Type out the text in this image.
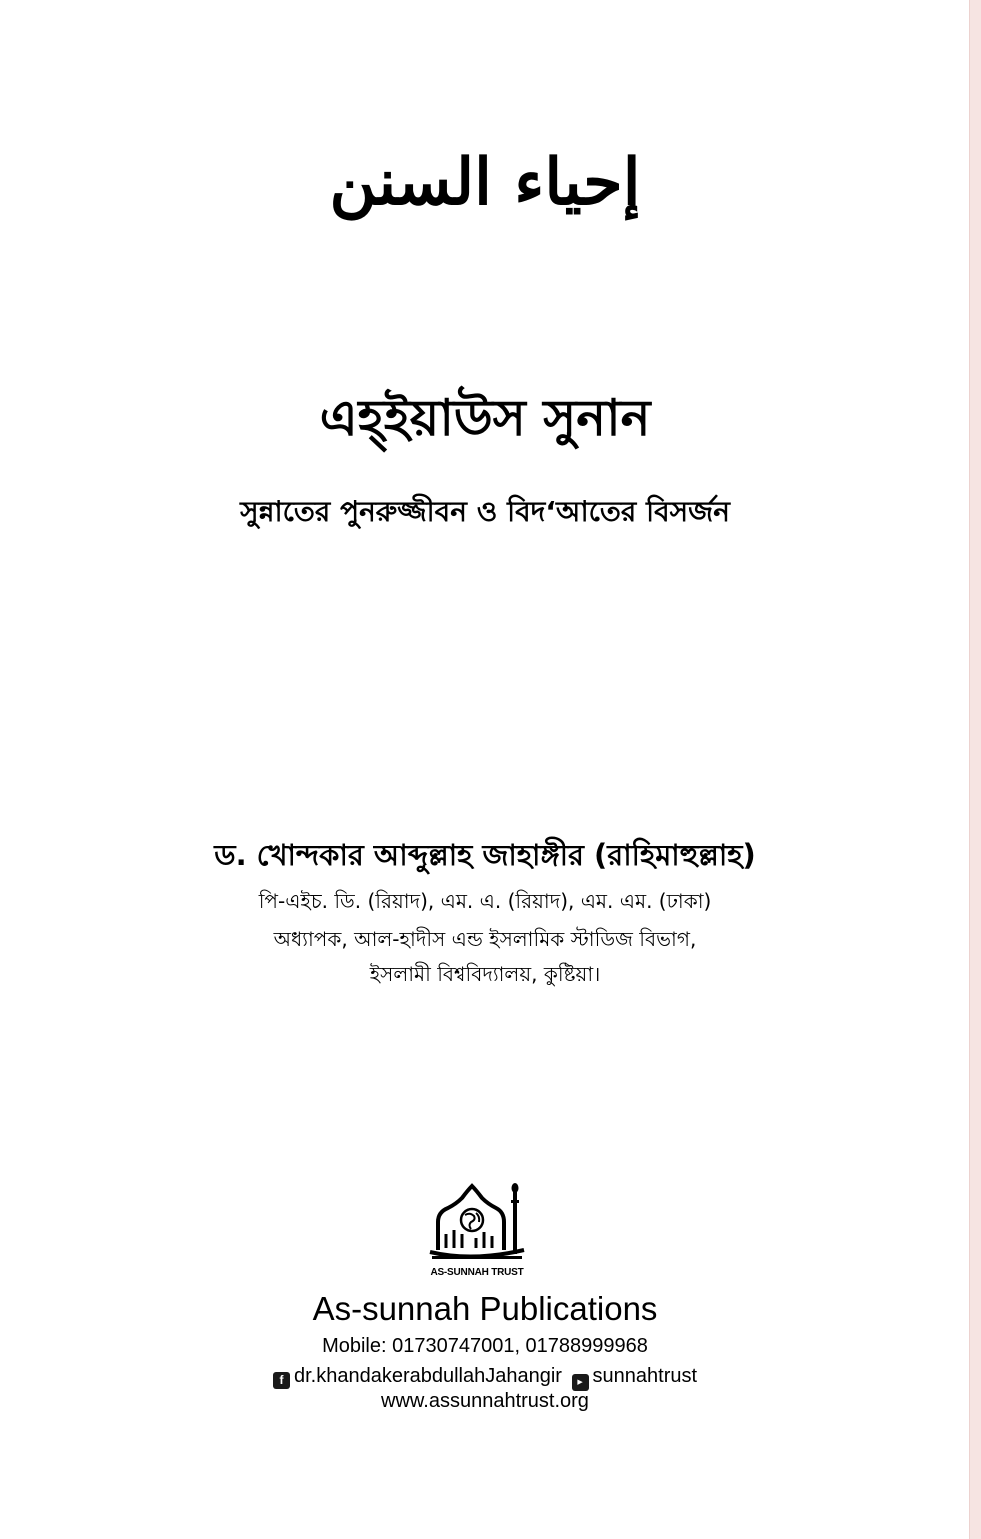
إحياء السنن
এহ্ইয়াউস সুনান
সুন্নাতের পুনরুজ্জীবন ও বিদ‘আতের বিসর্জন
ড. খোন্দকার আব্দুল্লাহ জাহাঙ্গীর (রাহিমাহুল্লাহ)
পি-এইচ. ডি. (রিয়াদ), এম. এ. (রিয়াদ), এম. এম. (ঢাকা)
অধ্যাপক, আল-হাদীস এন্ড ইসলামিক স্টাডিজ বিভাগ,
ইসলামী বিশ্ববিদ্যালয়, কুষ্টিয়া।
AS-SUNNAH TRUST
As-sunnah Publications
Mobile: 01730747001, 01788999968
f dr.khandakerabdullahJahangir ▶ sunnahtrust
www.assunnahtrust.org
